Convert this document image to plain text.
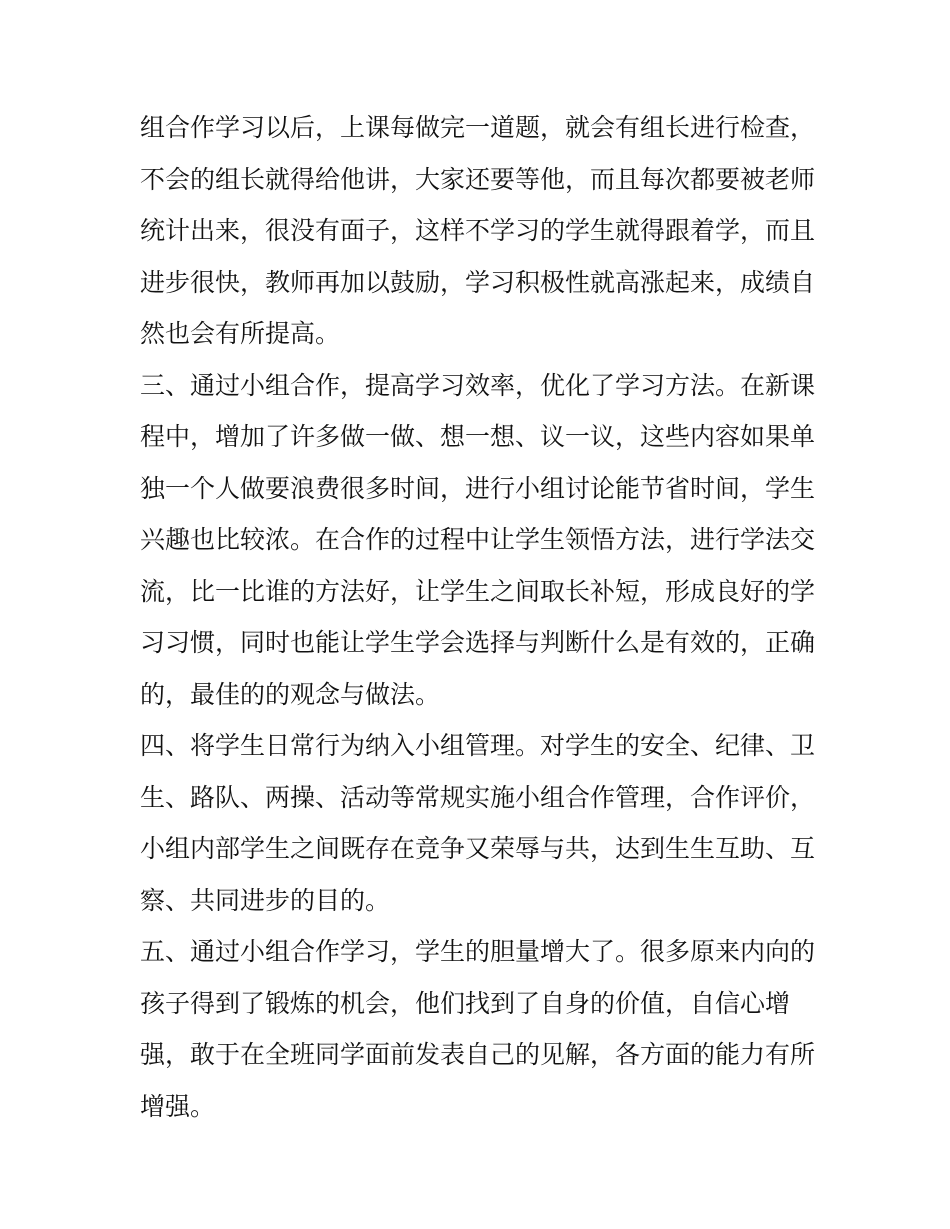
组合作学习以后，上课每做完一道题，就会有组长进行检查，
不会的组长就得给他讲，大家还要等他，而且每次都要被老师
统计出来，很没有面子，这样不学习的学生就得跟着学，而且
进步很快，教师再加以鼓励，学习积极性就高涨起来，成绩自
然也会有所提高。
三、通过小组合作，提高学习效率，优化了学习方法。在新课
程中，增加了许多做一做、想一想、议一议，这些内容如果单
独一个人做要浪费很多时间，进行小组讨论能节省时间，学生
兴趣也比较浓。在合作的过程中让学生领悟方法，进行学法交
流，比一比谁的方法好，让学生之间取长补短，形成良好的学
习习惯，同时也能让学生学会选择与判断什么是有效的，正确
的，最佳的的观念与做法。
四、将学生日常行为纳入小组管理。对学生的安全、纪律、卫
生、路队、两操、活动等常规实施小组合作管理，合作评价，
小组内部学生之间既存在竞争又荣辱与共，达到生生互助、互
察、共同进步的目的。
五、通过小组合作学习，学生的胆量增大了。很多原来内向的
孩子得到了锻炼的机会，他们找到了自身的价值，自信心增
强，敢于在全班同学面前发表自己的见解，各方面的能力有所
增强。
